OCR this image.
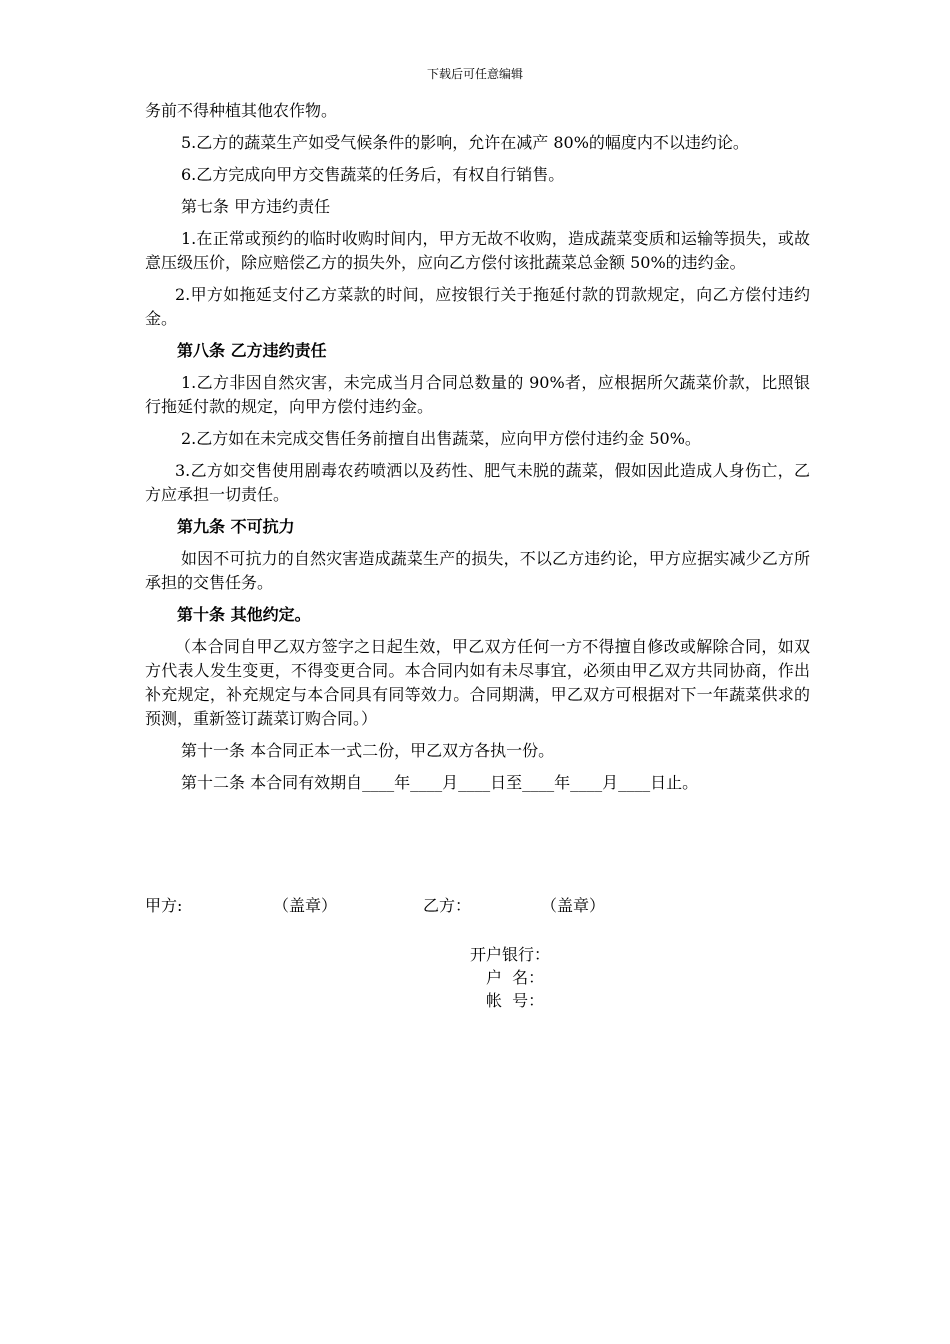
下载后可任意编辑

务前不得种植其他农作物。

5.乙方的蔬菜生产如受气候条件的影响，允许在减产 80%的幅度内不以违约论。

6.乙方完成向甲方交售蔬菜的任务后，有权自行销售。

第七条 甲方违约责任

1.在正常或预约的临时收购时间内，甲方无故不收购，造成蔬菜变质和运输等损失，或故意压级压价，除应赔偿乙方的损失外，应向乙方偿付该批蔬菜总金额 50%的违约金。

2.甲方如拖延支付乙方菜款的时间，应按银行关于拖延付款的罚款规定，向乙方偿付违约金。

第八条 乙方违约责任

1.乙方非因自然灾害，未完成当月合同总数量的 90%者，应根据所欠蔬菜价款，比照银行拖延付款的规定，向甲方偿付违约金。

2.乙方如在未完成交售任务前擅自出售蔬菜，应向甲方偿付违约金 50%。

3.乙方如交售使用剧毒农药喷洒以及药性、肥气未脱的蔬菜，假如因此造成人身伤亡，乙方应承担一切责任。

第九条 不可抗力

如因不可抗力的自然灾害造成蔬菜生产的损失，不以乙方违约论，甲方应据实减少乙方所承担的交售任务。

第十条 其他约定。

（本合同自甲乙双方签字之日起生效，甲乙双方任何一方不得擅自修改或解除合同，如双方代表人发生变更，不得变更合同。本合同内如有未尽事宜，必须由甲乙双方共同协商，作出补充规定，补充规定与本合同具有同等效力。合同期满，甲乙双方可根据对下一年蔬菜供求的预测，重新签订蔬菜订购合同。）

第十一条 本合同正本一式二份，甲乙双方各执一份。

第十二条 本合同有效期自____年____月____日至____年____月____日止。

甲方:	（盖章）	乙方：	（盖章）
开户银行：
户  名：
帐  号：
